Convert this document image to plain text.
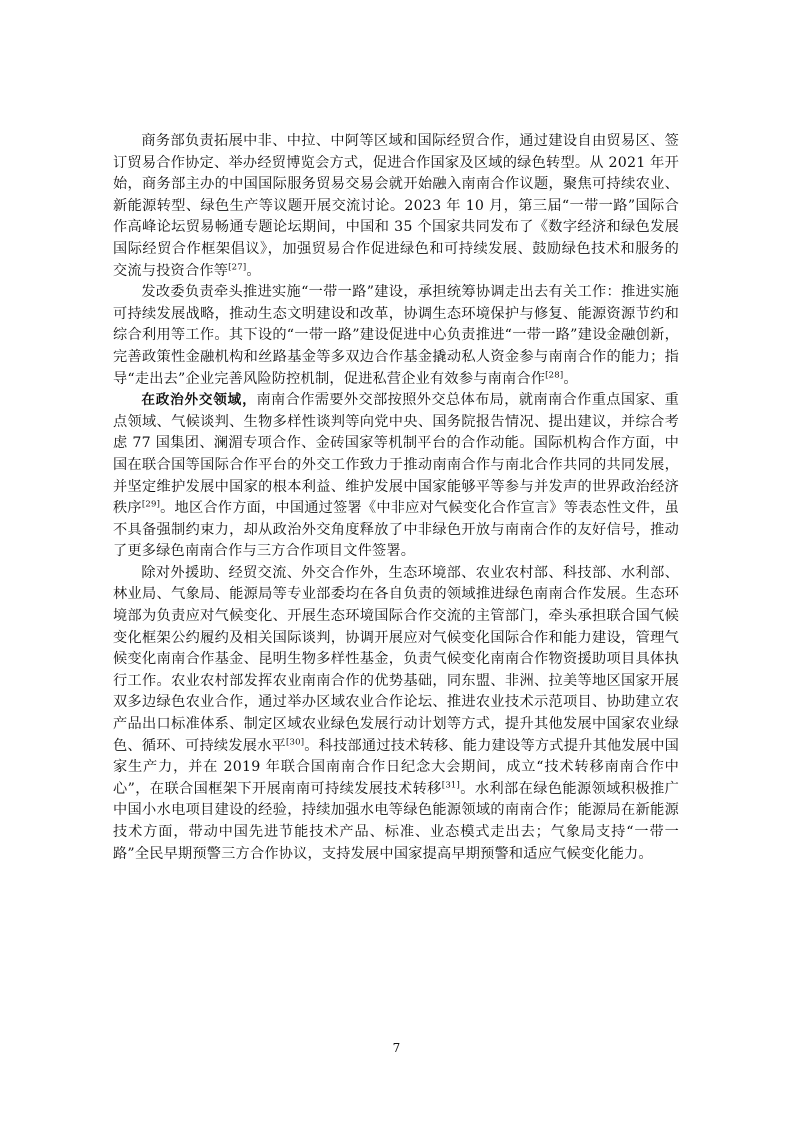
商务部负责拓展中非、中拉、中阿等区域和国际经贸合作，通过建设自由贸易区、签订贸易合作协定、举办经贸博览会方式，促进合作国家及区域的绿色转型。从 2021 年开始，商务部主办的中国国际服务贸易交易会就开始融入南南合作议题，聚焦可持续农业、新能源转型、绿色生产等议题开展交流讨论。2023 年 10 月，第三届“一带一路”国际合作高峰论坛贸易畅通专题论坛期间，中国和 35 个国家共同发布了《数字经济和绿色发展国际经贸合作框架倡议》，加强贸易合作促进绿色和可持续发展、鼓励绿色技术和服务的交流与投资合作等[27]。

发改委负责牵头推进实施“一带一路”建设，承担统筹协调走出去有关工作：推进实施可持续发展战略，推动生态文明建设和改革，协调生态环境保护与修复、能源资源节约和综合利用等工作。其下设的“一带一路”建设促进中心负责推进“一带一路”建设金融创新，完善政策性金融机构和丝路基金等多双边合作基金撬动私人资金参与南南合作的能力；指导“走出去”企业完善风险防控机制，促进私营企业有效参与南南合作[28]。

在政治外交领域，南南合作需要外交部按照外交总体布局，就南南合作重点国家、重点领域、气候谈判、生物多样性谈判等向党中央、国务院报告情况、提出建议，并综合考虑 77 国集团、澜湄专项合作、金砖国家等机制平台的合作动能。国际机构合作方面，中国在联合国等国际合作平台的外交工作致力于推动南南合作与南北合作共同的共同发展，并坚定维护发展中国家的根本利益、维护发展中国家能够平等参与并发声的世界政治经济秩序[29]。地区合作方面，中国通过签署《中非应对气候变化合作宣言》等表态性文件，虽不具备强制约束力，却从政治外交角度释放了中非绿色开放与南南合作的友好信号，推动了更多绿色南南合作与三方合作项目文件签署。

除对外援助、经贸交流、外交合作外，生态环境部、农业农村部、科技部、水利部、林业局、气象局、能源局等专业部委均在各自负责的领域推进绿色南南合作发展。生态环境部为负责应对气候变化、开展生态环境国际合作交流的主管部门，牵头承担联合国气候变化框架公约履约及相关国际谈判，协调开展应对气候变化国际合作和能力建设，管理气候变化南南合作基金、昆明生物多样性基金，负责气候变化南南合作物资援助项目具体执行工作。农业农村部发挥农业南南合作的优势基础，同东盟、非洲、拉美等地区国家开展双多边绿色农业合作，通过举办区域农业合作论坛、推进农业技术示范项目、协助建立农产品出口标准体系、制定区域农业绿色发展行动计划等方式，提升其他发展中国家农业绿色、循环、可持续发展水平[30]。科技部通过技术转移、能力建设等方式提升其他发展中国家生产力，并在 2019 年联合国南南合作日纪念大会期间，成立“技术转移南南合作中心”，在联合国框架下开展南南可持续发展技术转移[31]。水利部在绿色能源领域积极推广中国小水电项目建设的经验，持续加强水电等绿色能源领域的南南合作；能源局在新能源技术方面，带动中国先进节能技术产品、标准、业态模式走出去；气象局支持“一带一路”全民早期预警三方合作协议，支持发展中国家提高早期预警和适应气候变化能力。

7
